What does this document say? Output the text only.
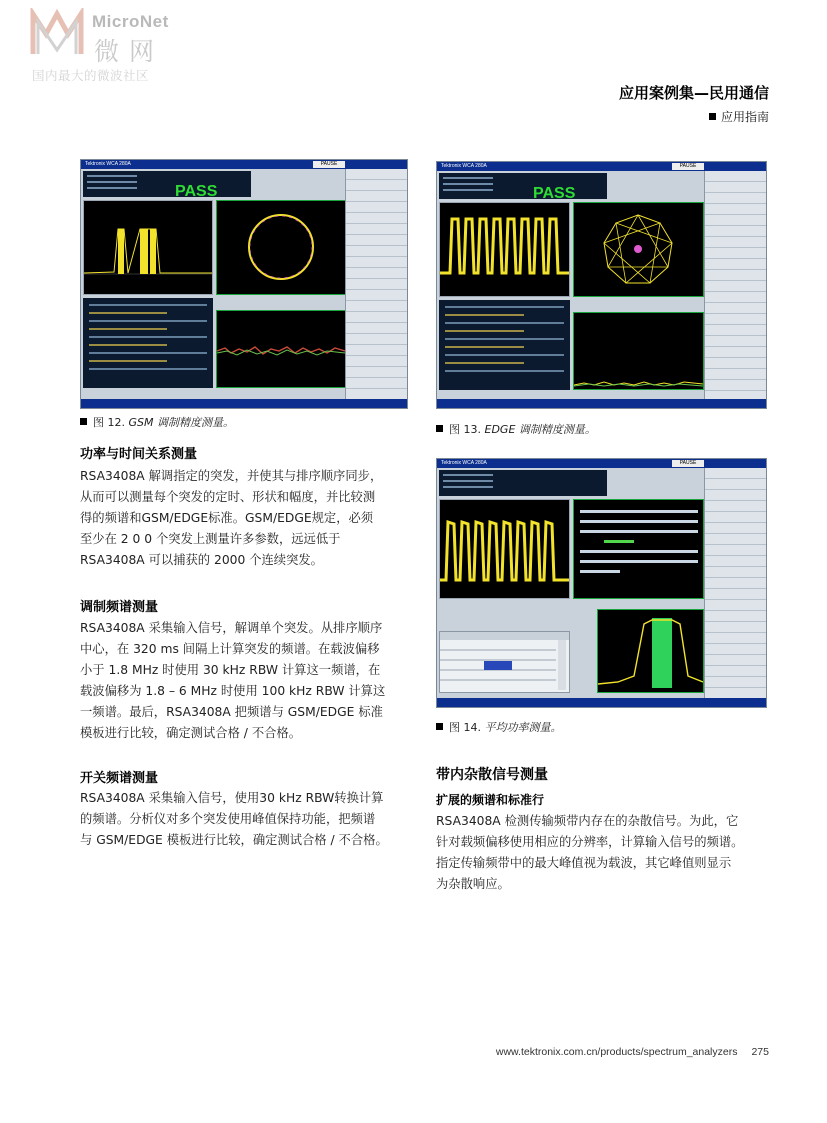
MicroNet
微网
国内最大的微波社区
应用案例集—民用通信
应用指南
Tektronix WCA 280A	PAUSE
PASS
图 12. GSM 调制精度测量。
Tektronix WCA 280A	PAUSE
PASS
图 13. EDGE 调制精度测量。
Tektronix WCA 280A	PAUSE
图 14. 平均功率测量。
功率与时间关系测量
RSA3408A 解调指定的突发，并使其与排序顺序同步，
从而可以测量每个突发的定时、形状和幅度，并比较测
得的频谱和GSM/EDGE标准。GSM/EDGE规定，必须
至少在 2 0 0 个突发上测量许多参数，远远低于
RSA3408A 可以捕获的 2000 个连续突发。
调制频谱测量
RSA3408A 采集输入信号，解调单个突发。从排序顺序
中心，在 320 ms 间隔上计算突发的频谱。在载波偏移
小于 1.8 MHz 时使用 30 kHz RBW 计算这一频谱，在
载波偏移为 1.8 – 6 MHz 时使用 100 kHz RBW 计算这
一频谱。最后，RSA3408A 把频谱与 GSM/EDGE 标准
模板进行比较，确定测试合格 / 不合格。
开关频谱测量
RSA3408A 采集输入信号，使用30 kHz RBW转换计算
的频谱。分析仪对多个突发使用峰值保持功能，把频谱
与 GSM/EDGE 模板进行比较，确定测试合格 / 不合格。
带内杂散信号测量
扩展的频谱和标准行
RSA3408A 检测传输频带内存在的杂散信号。为此，它
针对载频偏移使用相应的分辨率，计算输入信号的频谱。
指定传输频带中的最大峰值视为载波，其它峰值则显示
为杂散响应。
www.tektronix.com.cn/products/spectrum_analyzers 275
